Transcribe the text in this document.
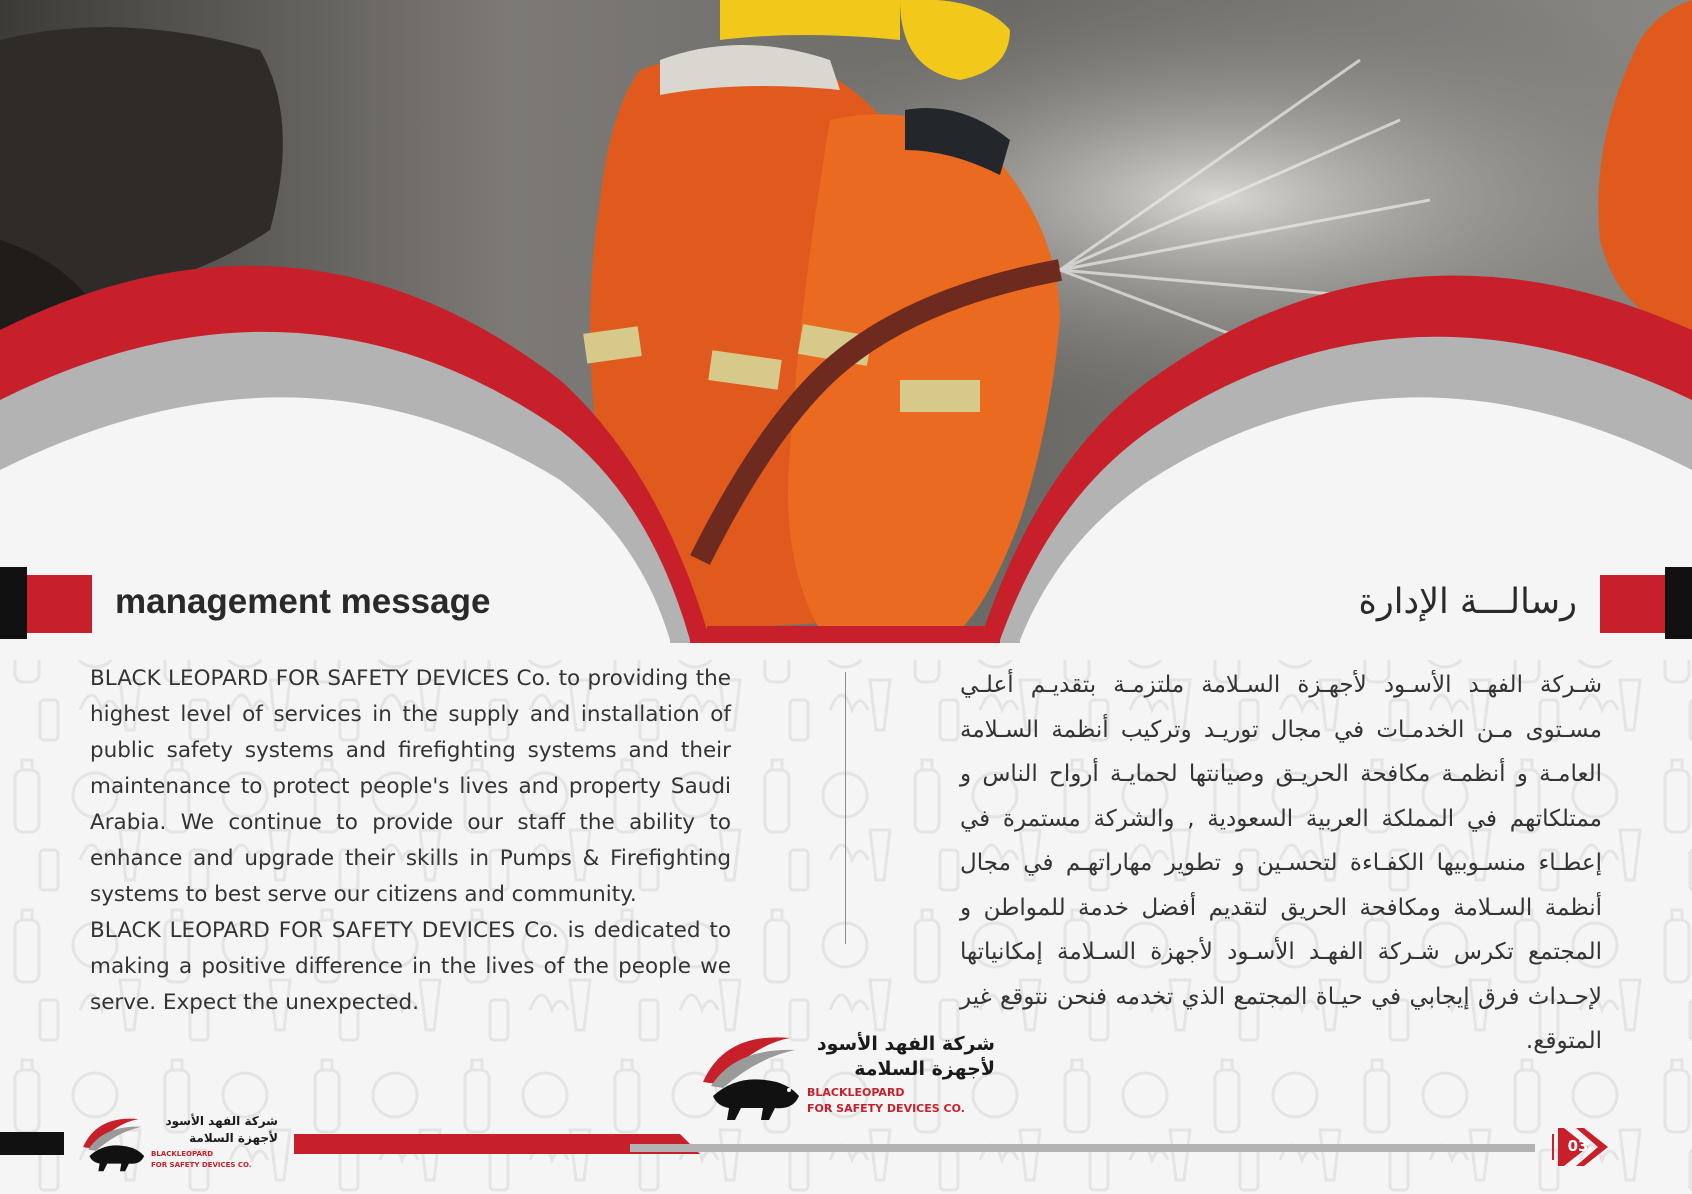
management message	رسالـــة الإدارة

BLACK LEOPARD FOR SAFETY DEVICES Co. to providing the highest level of services in the supply and installation of public safety systems and firefighting systems and their maintenance to protect people's lives and property Saudi Arabia. We continue to provide our staff the ability to enhance and upgrade their skills in Pumps & Firefighting systems to best serve our citizens and community.

BLACK LEOPARD FOR SAFETY DEVICES Co. is dedicated to making a positive difference in the lives of the people we serve. Expect the unexpected.

شـركة الفهـد الأسـود لأجهـزة السـلامة ملتزمـة بتقديـم أعلـي مسـتوى مـن الخدمـات في مجال توريـد وتركيب أنظمة السـلامة العامـة و أنظمـة مكافحة الحريـق وصيانتها لحمايـة أرواح الناس و ممتلكاتهم في المملكة العربية السعودية , والشركة مستمرة في إعطـاء منسـوبيها الكفـاءة لتحسـين و تطوير مهاراتهـم في مجال أنظمة السـلامة ومكافحة الحريق لتقديم أفضل خدمة للمواطن و المجتمع تكرس شـركة الفهـد الأسـود لأجهزة السـلامة إمكانياتها لإحـداث فرق إيجابي في حيـاة المجتمع الذي تخدمه فنحن نتوقع غير المتوقع.
شركة الفهد الأسود
لأجهزة السلامة
BLACKLEOPARD
FOR SAFETY DEVICES CO.
شركة الفهد الأسود
لأجهزة السلامة
BLACKLEOPARD
FOR SAFETY DEVICES CO.
03
